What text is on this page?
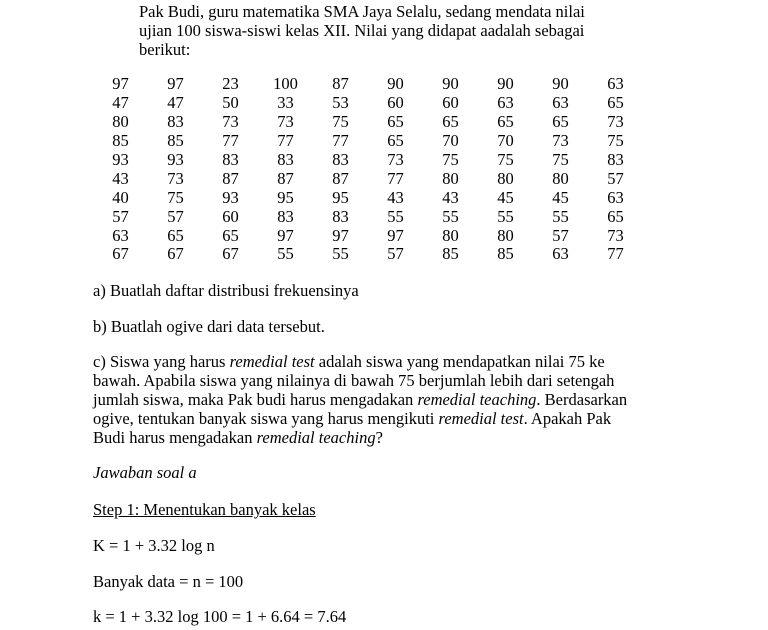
Pak Budi, guru matematika SMA Jaya Selalu, sedang mendata nilai

ujian 100 siswa-siswi kelas XII. Nilai yang didapat aadalah sebagai

berikut:

97	97	23	100	87	90	90	90	90	63
47	47	50	33	53	60	60	63	63	65
80	83	73	73	75	65	65	65	65	73
85	85	77	77	77	65	70	70	73	75
93	93	83	83	83	73	75	75	75	83
43	73	87	87	87	77	80	80	80	57
40	75	93	95	95	43	43	45	45	63
57	57	60	83	83	55	55	55	55	65
63	65	65	97	97	97	80	80	57	73
67	67	67	55	55	57	85	85	63	77

a) Buatlah daftar distribusi frekuensinya

b) Buatlah ogive dari data tersebut.

c) Siswa yang harus remedial test adalah siswa yang mendapatkan nilai 75 ke
bawah. Apabila siswa yang nilainya di bawah 75 berjumlah lebih dari setengah
jumlah siswa, maka Pak budi harus mengadakan remedial teaching. Berdasarkan
ogive, tentukan banyak siswa yang harus mengikuti remedial test. Apakah Pak
Budi harus mengadakan remedial teaching?

Jawaban soal a

Step 1: Menentukan banyak kelas

K = 1 + 3.32 log n

Banyak data = n = 100

k = 1 + 3.32 log 100 = 1 + 6.64 = 7.64
